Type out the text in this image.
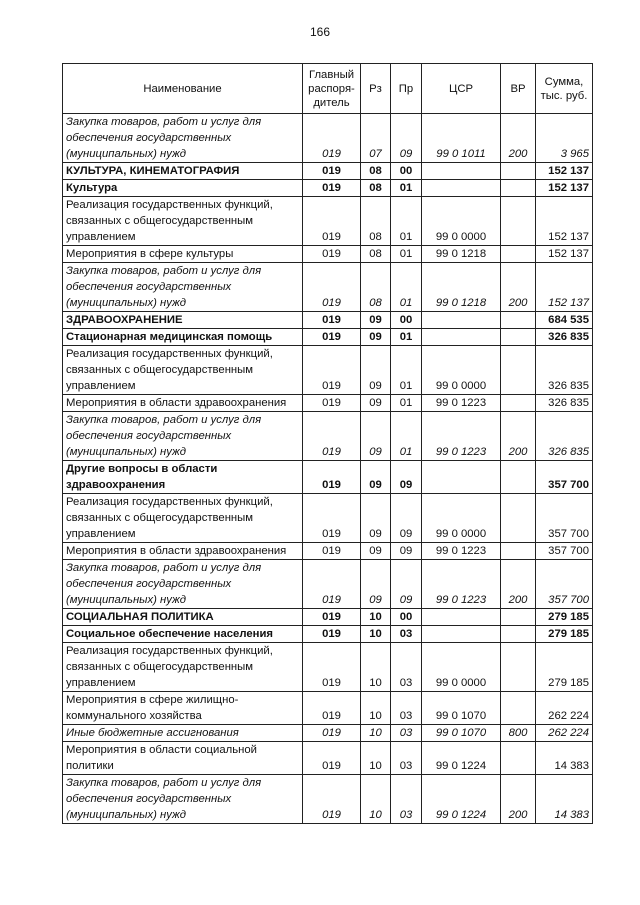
166
Наименование	Главный распоря-дитель	Рз	Пр	ЦСР	ВР	Сумма, тыс. руб.
Закупка товаров, работ и услуг для обеспечения государственных (муниципальных) нужд	019	07	09	99 0 1011	200	3 965
КУЛЬТУРА, КИНЕМАТОГРАФИЯ	019	08	00			152 137
Культура	019	08	01			152 137
Реализация государственных функций, связанных с общегосударственным управлением	019	08	01	99 0 0000		152 137
Мероприятия в сфере культуры	019	08	01	99 0 1218		152 137
Закупка товаров, работ и услуг для обеспечения государственных (муниципальных) нужд	019	08	01	99 0 1218	200	152 137
ЗДРАВООХРАНЕНИЕ	019	09	00			684 535
Стационарная медицинская помощь	019	09	01			326 835
Реализация государственных функций, связанных с общегосударственным управлением	019	09	01	99 0 0000		326 835
Мероприятия в области здравоохранения	019	09	01	99 0 1223		326 835
Закупка товаров, работ и услуг для обеспечения государственных (муниципальных) нужд	019	09	01	99 0 1223	200	326 835
Другие вопросы в области здравоохранения	019	09	09			357 700
Реализация государственных функций, связанных с общегосударственным управлением	019	09	09	99 0 0000		357 700
Мероприятия в области здравоохранения	019	09	09	99 0 1223		357 700
Закупка товаров, работ и услуг для обеспечения государственных (муниципальных) нужд	019	09	09	99 0 1223	200	357 700
СОЦИАЛЬНАЯ ПОЛИТИКА	019	10	00			279 185
Социальное обеспечение населения	019	10	03			279 185
Реализация государственных функций, связанных с общегосударственным управлением	019	10	03	99 0 0000		279 185
Мероприятия в сфере жилищно-коммунального хозяйства	019	10	03	99 0 1070		262 224
Иные бюджетные ассигнования	019	10	03	99 0 1070	800	262 224
Мероприятия в области социальной политики	019	10	03	99 0 1224		14 383
Закупка товаров, работ и услуг для обеспечения государственных (муниципальных) нужд	019	10	03	99 0 1224	200	14 383
